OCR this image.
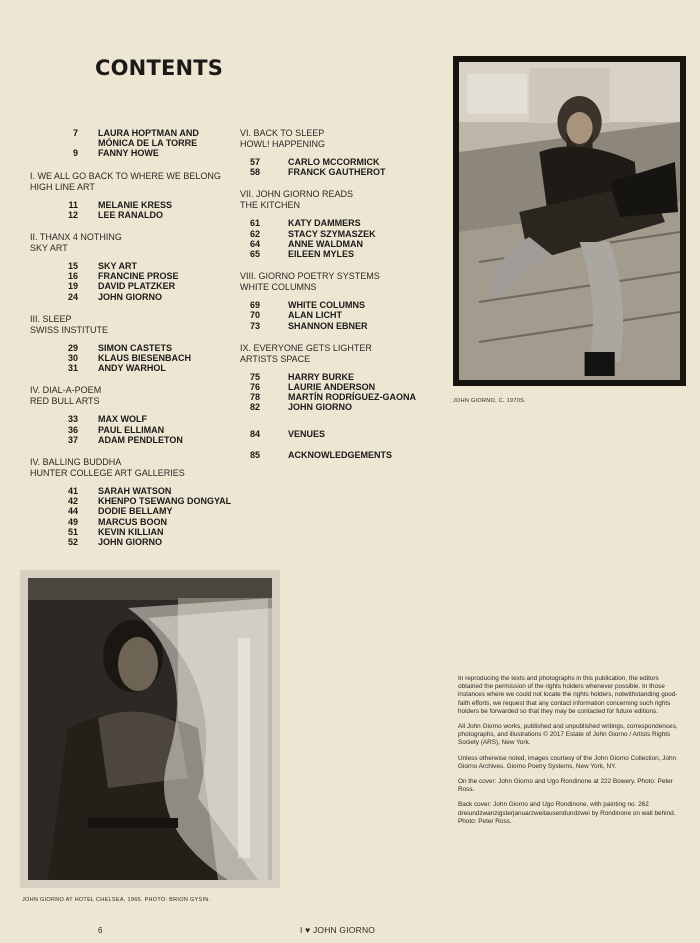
CONTENTS
7	LAURA HOPTMAN AND
MÓNICA DE LA TORRE
9	FANNY HOWE
I. WE ALL GO BACK TO WHERE WE BELONG
HIGH LINE ART
11	MELANIE KRESS
12	LEE RANALDO
II. THANX 4 NOTHING
SKY ART
15	SKY ART
16	FRANCINE PROSE
19	DAVID PLATZKER
24	JOHN GIORNO
III. SLEEP
SWISS INSTITUTE
29	SIMON CASTETS
30	KLAUS BIESENBACH
31	ANDY WARHOL
IV. DIAL-A-POEM
RED BULL ARTS
33	MAX WOLF
36	PAUL ELLIMAN
37	ADAM PENDLETON
IV. BALLING BUDDHA
HUNTER COLLEGE ART GALLERIES
41	SARAH WATSON
42	KHENPO TSEWANG DONGYAL
44	DODIE BELLAMY
49	MARCUS BOON
51	KEVIN KILLIAN
52	JOHN GIORNO
VI. BACK TO SLEEP
HOWL! HAPPENING
57	CARLO MCCORMICK
58	FRANCK GAUTHEROT
VII. JOHN GIORNO READS
THE KITCHEN
61	KATY DAMMERS
62	STACY SZYMASZEK
64	ANNE WALDMAN
65	EILEEN MYLES
VIII. GIORNO POETRY SYSTEMS
WHITE COLUMNS
69	WHITE COLUMNS
70	ALAN LICHT
73	SHANNON EBNER
IX. EVERYONE GETS LIGHTER
ARTISTS SPACE
75	HARRY BURKE
76	LAURIE ANDERSON
78	MARTÍN RODRÍGUEZ-GAONA
82	JOHN GIORNO
84	VENUES
85	ACKNOWLEDGEMENTS
JOHN GIORNO, C. 1970S.
JOHN GIORNO AT HOTEL CHELSEA, 1965. PHOTO: BRION GYSIN.

In reproducing the texts and photographs in this publication, the editors obtained the permission of the rights holders whenever possible. In those instances where we could not locate the rights holders, notwithstanding good-faith efforts, we request that any contact information concerning such rights holders be forwarded so that they may be contacted for future editions.

All John Giorno works, published and unpublished writings, correspondences, photographs, and illustrations © 2017 Estate of John Giorno / Artists Rights Society (ARS), New York.

Unless otherwise noted, images courtesy of the John Giorno Collection, John Giorno Archives. Giorno Poetry Systems, New York, NY.

On the cover: John Giorno and Ugo Rondinone at 222 Bowery. Photo: Peter Ross.

Back cover: John Giorno and Ugo Rondinone, with painting no. 262 dreiundzwanzigsterjanuarzweitausendundzwei by Rondinone on wall behind. Photo: Peter Ross.

6	I ♥ JOHN GIORNO
